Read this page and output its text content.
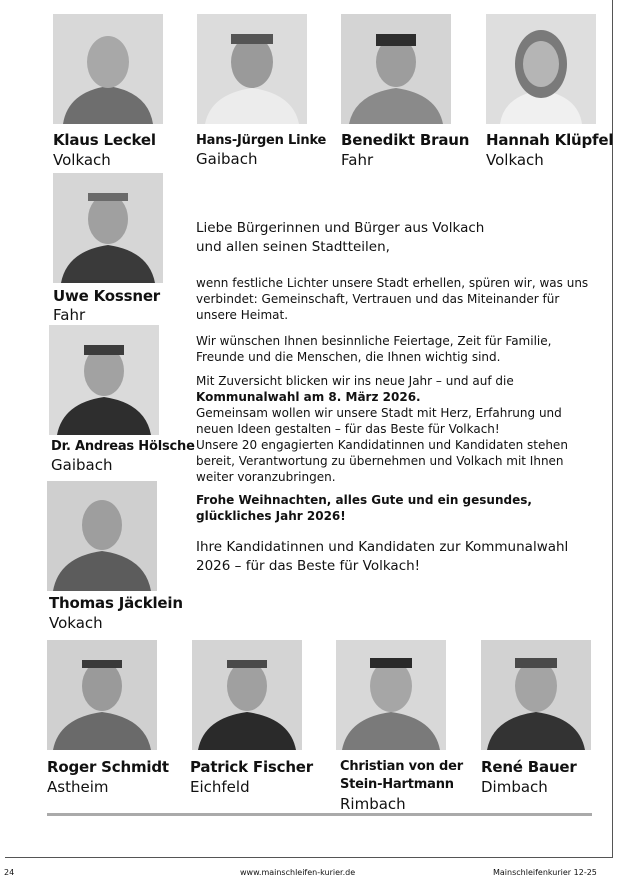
Klaus Leckel
Volkach
Hans-Jürgen Linke
Gaibach
Benedikt Braun
Fahr
Hannah Klüpfel
Volkach
Uwe Kossner
Fahr
Dr. Andreas Hölsche
Gaibach
Thomas Jäcklein
Vokach
Liebe Bürgerinnen und Bürger aus Volkach
und allen seinen Stadtteilen,
wenn festliche Lichter unsere Stadt erhellen, spüren wir, was uns verbindet: Gemeinschaft, Vertrauen und das Miteinander für unsere Heimat.
Wir wünschen Ihnen besinnliche Feiertage, Zeit für Familie, Freunde und die Menschen, die Ihnen wichtig sind.
Mit Zuversicht blicken wir ins neue Jahr – und auf die Kommunalwahl am 8. März 2026.
Gemeinsam wollen wir unsere Stadt mit Herz, Erfahrung und neuen Ideen gestalten – für das Beste für Volkach!
Unsere 20 engagierten Kandidatinnen und Kandidaten stehen bereit, Verantwortung zu übernehmen und Volkach mit Ihnen weiter voranzubringen.
Frohe Weihnachten, alles Gute und ein gesundes, glückliches Jahr 2026!
Ihre Kandidatinnen und Kandidaten zur Kommunalwahl 2026 – für das Beste für Volkach!
Roger Schmidt
Astheim
Patrick Fischer
Eichfeld
Christian von der
Stein-Hartmann
Rimbach
René Bauer
Dimbach
24	www.mainschleifen-kurier.de	Mainschleifenkurier 12-25
